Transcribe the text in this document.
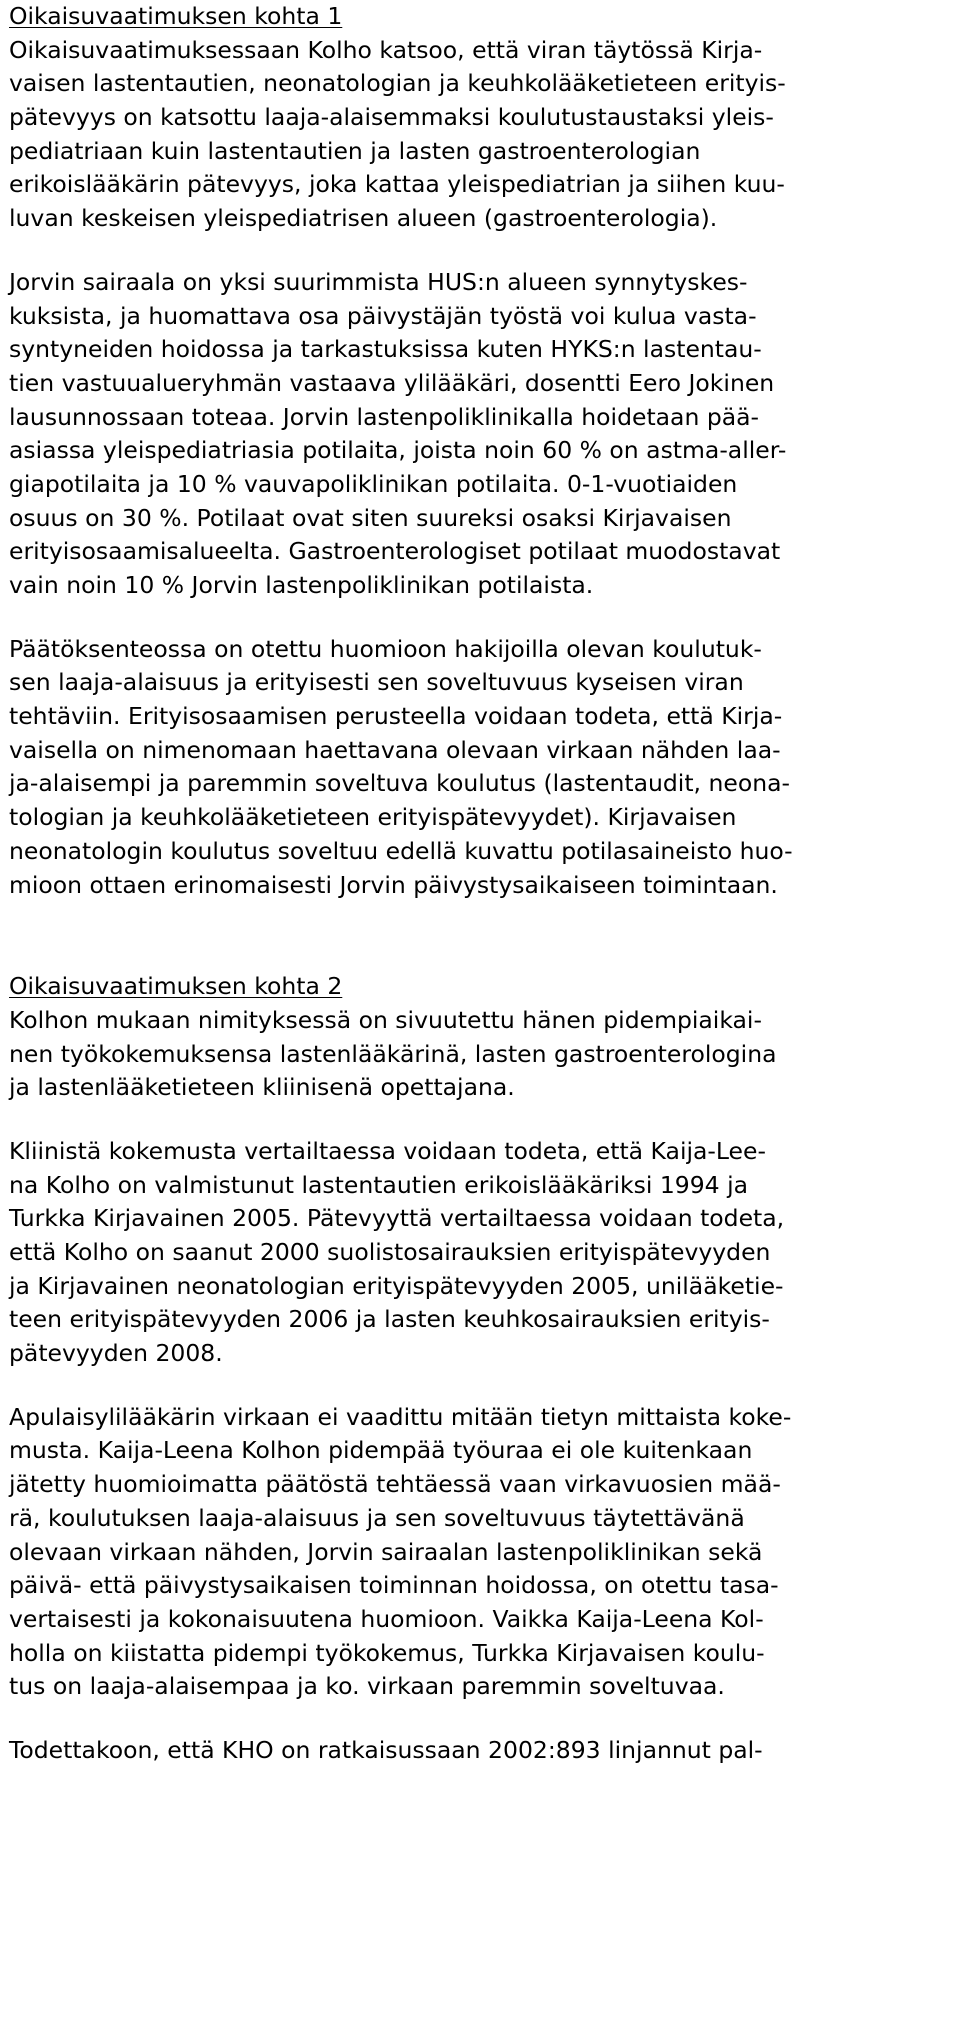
Oikaisuvaatimuksen kohta 1
Oikaisuvaatimuksessaan Kolho katsoo, että viran täytössä Kirja-
vaisen lastentautien, neonatologian ja keuhkolääketieteen erityis-
pätevyys on katsottu laaja-alaisemmaksi koulutustaustaksi yleis-
pediatriaan kuin lastentautien ja lasten gastroenterologian
erikoislääkärin pätevyys, joka kattaa yleispediatrian ja siihen kuu-
luvan keskeisen yleispediatrisen alueen (gastroenterologia).
Jorvin sairaala on yksi suurimmista HUS:n alueen synnytyskes-
kuksista, ja huomattava osa päivystäjän työstä voi kulua vasta-
syntyneiden hoidossa ja tarkastuksissa kuten HYKS:n lastentau-
tien vastuualueryhmän vastaava ylilääkäri, dosentti Eero Jokinen
lausunnossaan toteaa. Jorvin lastenpoliklinikalla hoidetaan pää-
asiassa yleispediatriasia potilaita, joista noin 60 % on astma-aller-
giapotilaita ja 10 % vauvapoliklinikan potilaita. 0-1-vuotiaiden
osuus on 30 %. Potilaat ovat siten suureksi osaksi Kirjavaisen
erityisosaamisalueelta. Gastroenterologiset potilaat muodostavat
vain noin 10 % Jorvin lastenpoliklinikan potilaista.
Päätöksenteossa on otettu huomioon hakijoilla olevan koulutuk-
sen laaja-alaisuus ja erityisesti sen soveltuvuus kyseisen viran
tehtäviin. Erityisosaamisen perusteella voidaan todeta, että Kirja-
vaisella on nimenomaan haettavana olevaan virkaan nähden laa-
ja-alaisempi ja paremmin soveltuva koulutus (lastentaudit, neona-
tologian ja keuhkolääketieteen erityispätevyydet). Kirjavaisen
neonatologin koulutus soveltuu edellä kuvattu potilasaineisto huo-
mioon ottaen erinomaisesti Jorvin päivystysaikaiseen toimintaan.
Oikaisuvaatimuksen kohta 2
Kolhon mukaan nimityksessä on sivuutettu hänen pidempiaikai-
nen työkokemuksensa lastenlääkärinä, lasten gastroenterologina
ja lastenlääketieteen kliinisenä opettajana.
Kliinistä kokemusta vertailtaessa voidaan todeta, että Kaija-Lee-
na Kolho on valmistunut lastentautien erikoislääkäriksi 1994 ja
Turkka Kirjavainen 2005. Pätevyyttä vertailtaessa voidaan todeta,
että Kolho on saanut 2000 suolistosairauksien erityispätevyyden
ja Kirjavainen neonatologian erityispätevyyden 2005, unilääketie-
teen erityispätevyyden 2006 ja lasten keuhkosairauksien erityis-
pätevyyden 2008.
Apulaisylilääkärin virkaan ei vaadittu mitään tietyn mittaista koke-
musta. Kaija-Leena Kolhon pidempää työuraa ei ole kuitenkaan
jätetty huomioimatta päätöstä tehtäessä vaan virkavuosien mää-
rä, koulutuksen laaja-alaisuus ja sen soveltuvuus täytettävänä
olevaan virkaan nähden, Jorvin sairaalan lastenpoliklinikan sekä
päivä- että päivystysaikaisen toiminnan hoidossa, on otettu tasa-
vertaisesti ja kokonaisuutena huomioon. Vaikka Kaija-Leena Kol-
holla on kiistatta pidempi työkokemus, Turkka Kirjavaisen koulu-
tus on laaja-alaisempaa ja ko. virkaan paremmin soveltuvaa.
Todettakoon, että KHO on ratkaisussaan 2002:893 linjannut pal-
